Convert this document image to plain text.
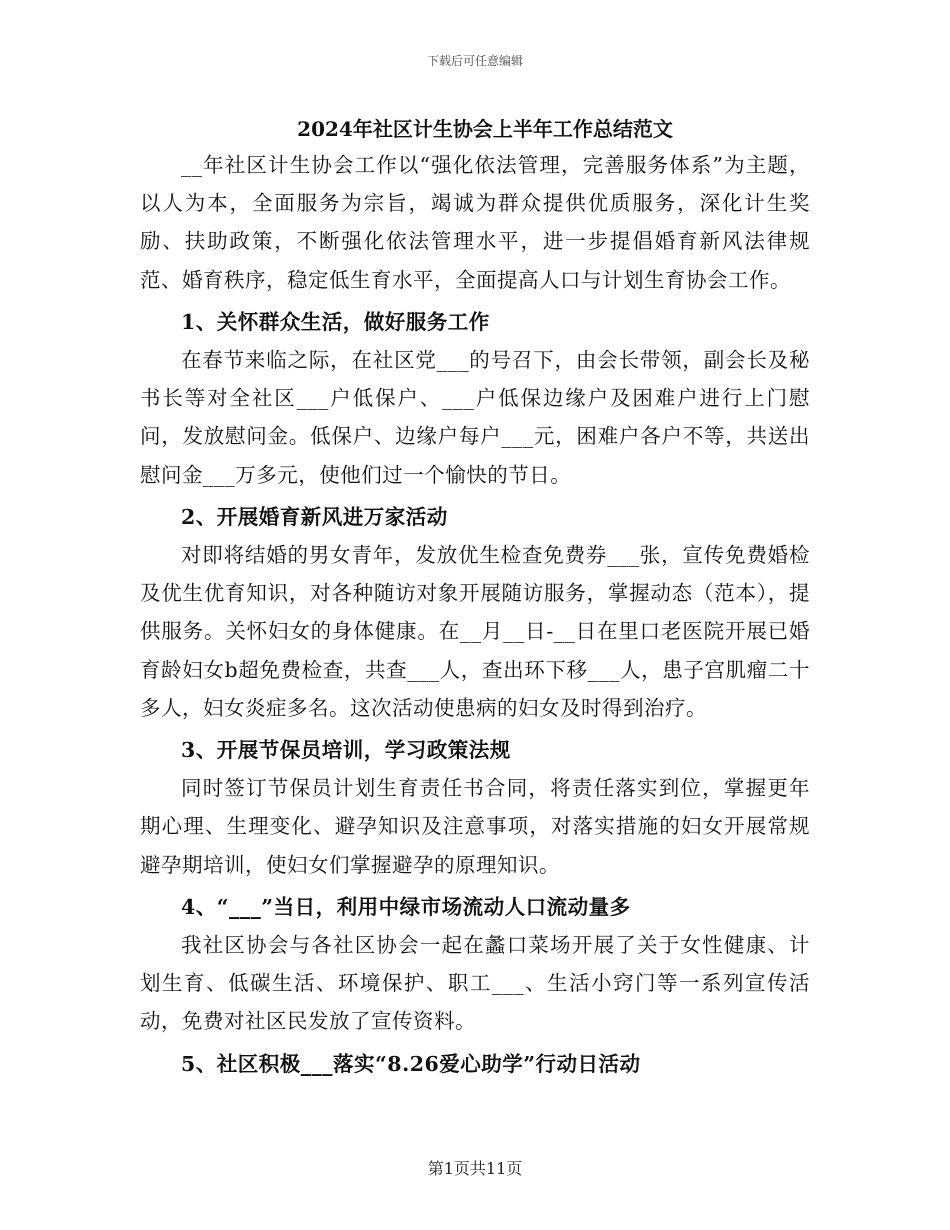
下载后可任意编辑
2024年社区计生协会上半年工作总结范文

__年社区计生协会工作以“强化依法管理，完善服务体系”为主题，以人为本，全面服务为宗旨，竭诚为群众提供优质服务，深化计生奖励、扶助政策，不断强化依法管理水平，进一步提倡婚育新风法律规范、婚育秩序，稳定低生育水平，全面提高人口与计划生育协会工作。

1、关怀群众生活，做好服务工作

在春节来临之际，在社区党___的号召下，由会长带领，副会长及秘书长等对全社区___户低保户、___户低保边缘户及困难户进行上门慰问，发放慰问金。低保户、边缘户每户___元，困难户各户不等，共送出慰问金___万多元，使他们过一个愉快的节日。

2、开展婚育新风进万家活动

对即将结婚的男女青年，发放优生检查免费券___张，宣传免费婚检及优生优育知识，对各种随访对象开展随访服务，掌握动态（范本），提供服务。关怀妇女的身体健康。在__月__日-__日在里口老医院开展已婚育龄妇女b超免费检查，共查___人，查出环下移___人，患子宫肌瘤二十多人，妇女炎症多名。这次活动使患病的妇女及时得到治疗。

3、开展节保员培训，学习政策法规

同时签订节保员计划生育责任书合同，将责任落实到位，掌握更年期心理、生理变化、避孕知识及注意事项，对落实措施的妇女开展常规避孕期培训，使妇女们掌握避孕的原理知识。

4、“___”当日，利用中绿市场流动人口流动量多

我社区协会与各社区协会一起在蠡口菜场开展了关于女性健康、计划生育、低碳生活、环境保护、职工___、生活小窍门等一系列宣传活动，免费对社区民发放了宣传资料。

5、社区积极___落实“8.26爱心助学”行动日活动
第1页共11页
